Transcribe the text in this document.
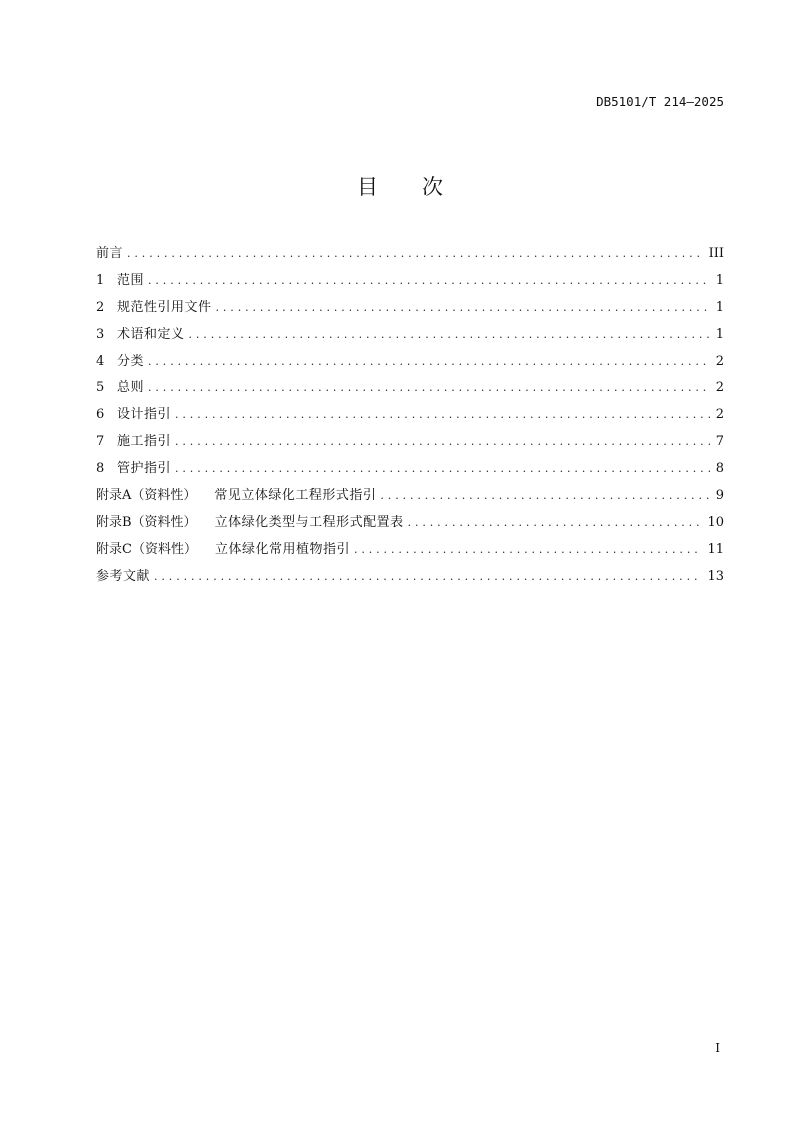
DB5101/T 214—2025
目 次
前言 .....	III
1 范围 .....	1
2 规范性引用文件 .....	1
3 术语和定义 .....	1
4 分类 .....	2
5 总则 .....	2
6 设计指引 .....	2
7 施工指引 .....	7
8 管护指引 .....	8
附录A（资料性） 常见立体绿化工程形式指引 .....	9
附录B（资料性） 立体绿化类型与工程形式配置表 .....	10
附录C（资料性） 立体绿化常用植物指引 .....	11
参考文献 .....	13
I
